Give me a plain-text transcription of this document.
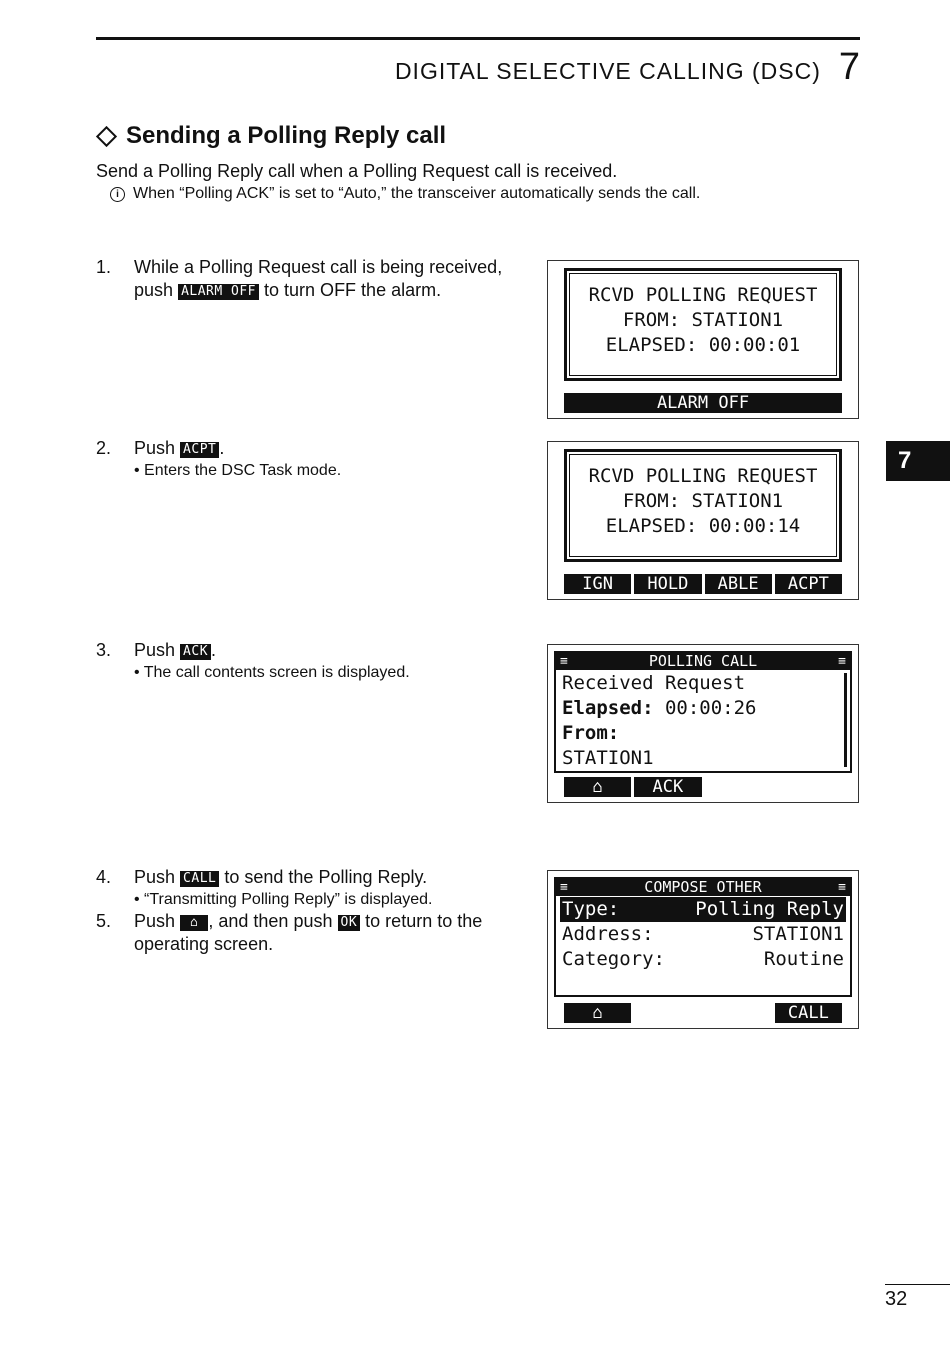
DIGITAL SELECTIVE CALLING (DSC) 7
Sending a Polling Reply call
Send a Polling Reply call when a Polling Request call is received.
i When “Polling ACK” is set to “Auto,” the transceiver automatically sends the call.
1. While a Polling Request call is being received, push ALARM OFF to turn OFF the alarm.
2. Push ACPT .
• Enters the DSC Task mode.
3. Push ACK .
• The call contents screen is displayed.
4. Push CALL to send the Polling Reply.
• “Transmitting Polling Reply” is displayed.
5. Push ⌂ , and then push OK to return to the operating screen.
RCVD POLLING REQUEST
FROM: STATION1
ELAPSED: 00:00:01
ALARM OFF
RCVD POLLING REQUEST
FROM: STATION1
ELAPSED: 00:00:14
IGN	HOLD	ABLE	ACPT
≡	POLLING CALL	≡
Received Request
Elapsed: 00:00:26
From:
STATION1
⌂	ACK
≡	COMPOSE OTHER	≡
Type:	Polling Reply
Address:	STATION1
Category:	Routine
⌂	CALL
7
32
